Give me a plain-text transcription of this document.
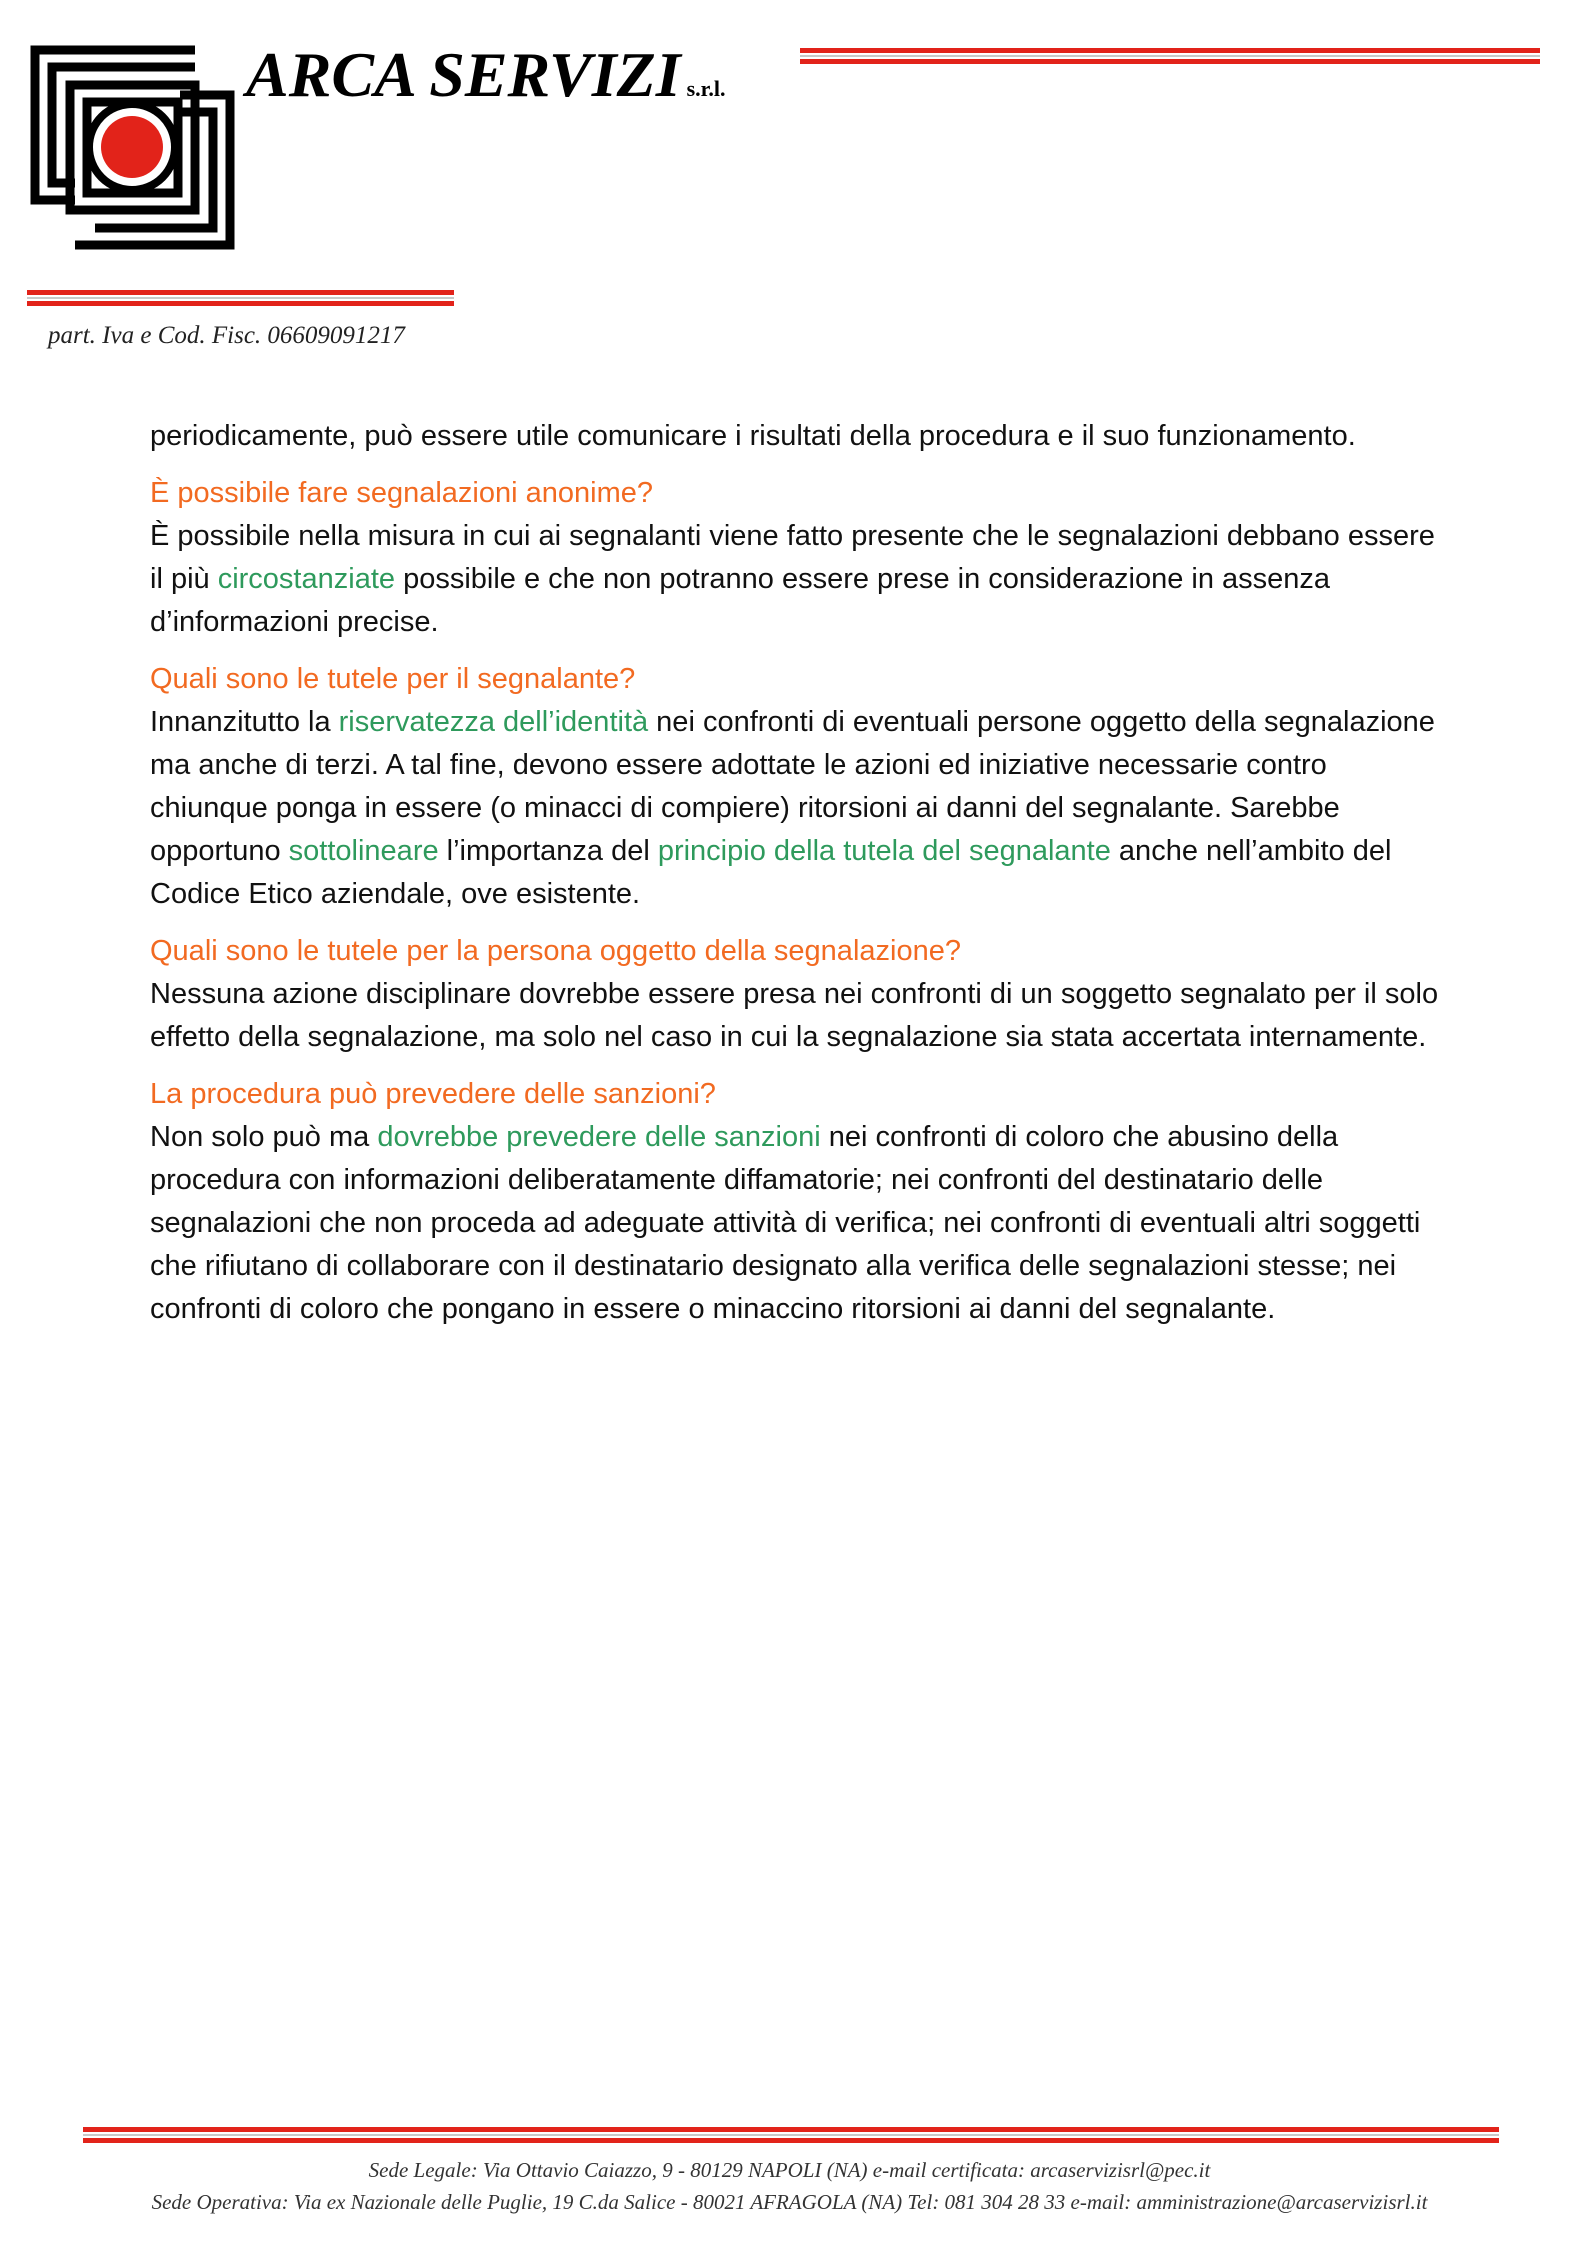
ARCA SERVIZI s.r.l.
part. Iva e Cod. Fisc. 06609091217

periodicamente, può essere utile comunicare i risultati della procedura e il suo funzionamento.

È possibile fare segnalazioni anonime?
È possibile nella misura in cui ai segnalanti viene fatto presente che le segnalazioni debbano essere il più circostanziate possibile e che non potranno essere prese in considerazione in assenza d’informazioni precise.

Quali sono le tutele per il segnalante?
Innanzitutto la riservatezza dell’identità nei confronti di eventuali persone oggetto della segnalazione ma anche di terzi. A tal fine, devono essere adottate le azioni ed iniziative necessarie contro chiunque ponga in essere (o minacci di compiere) ritorsioni ai danni del segnalante. Sarebbe opportuno sottolineare l’importanza del principio della tutela del segnalante anche nell’ambito del Codice Etico aziendale, ove esistente.

Quali sono le tutele per la persona oggetto della segnalazione?
Nessuna azione disciplinare dovrebbe essere presa nei confronti di un soggetto segnalato per il solo effetto della segnalazione, ma solo nel caso in cui la segnalazione sia stata accertata internamente.

La procedura può prevedere delle sanzioni?
Non solo può ma dovrebbe prevedere delle sanzioni nei confronti di coloro che abusino della procedura con informazioni deliberatamente diffamatorie; nei confronti del destinatario delle segnalazioni che non proceda ad adeguate attività di verifica; nei confronti di eventuali altri soggetti che rifiutano di collaborare con il destinatario designato alla verifica delle segnalazioni stesse; nei confronti di coloro che pongano in essere o minaccino ritorsioni ai danni del segnalante.

Sede Legale: Via Ottavio Caiazzo, 9 - 80129 NAPOLI (NA) e-mail certificata: arcaservizisrl@pec.it
Sede Operativa: Via ex Nazionale delle Puglie, 19 C.da Salice - 80021 AFRAGOLA (NA) Tel: 081 304 28 33 e-mail: amministrazione@arcaservizisrl.it
